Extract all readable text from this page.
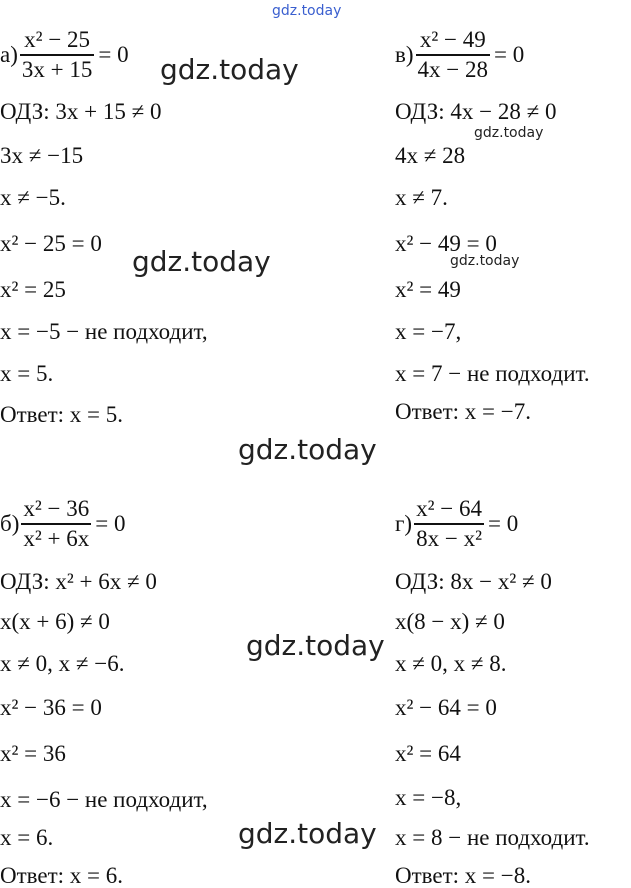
gdz.today
$а) \frac{\text{x² − 25}}{3x + 15} = 0$
ОДЗ: 3x + 15 ≠ 0
3x ≠ −15
x ≠ −5.
x² − 25 = 0
x² = 25
x = −5 − не подходит,
x = 5.
Ответ: x = 5.
$в) \frac{\text{x² − 49}}{4x - 28} = 0$
ОДЗ: 4x − 28 ≠ 0
4x ≠ 28
x ≠ 7.
x² − 49 = 0
x² = 49
x = −7,
x = 7 − не подходит.
Ответ: x = −7.
$б) \frac{\text{x² − 36}}{\text{x² + 6x}} = 0$
ОДЗ: x² + 6x ≠ 0
x(x + 6) ≠ 0
x ≠ 0, x ≠ −6.
x² − 36 = 0
x² = 36
x = −6 − не подходит,
x = 6.
Ответ: x = 6.
$г) \frac{\text{x² − 64}}{\text{8x − x²}} = 0$
ОДЗ: 8x − x² ≠ 0
x(8 − x) ≠ 0
x ≠ 0, x ≠ 8.
x² − 64 = 0
x² = 64
x = −8,
x = 8 − не подходит.
Ответ: x = −8.
gdz.today
gdz.today
gdz.today	gdz.today
gdz.today
gdz.today
gdz.today
